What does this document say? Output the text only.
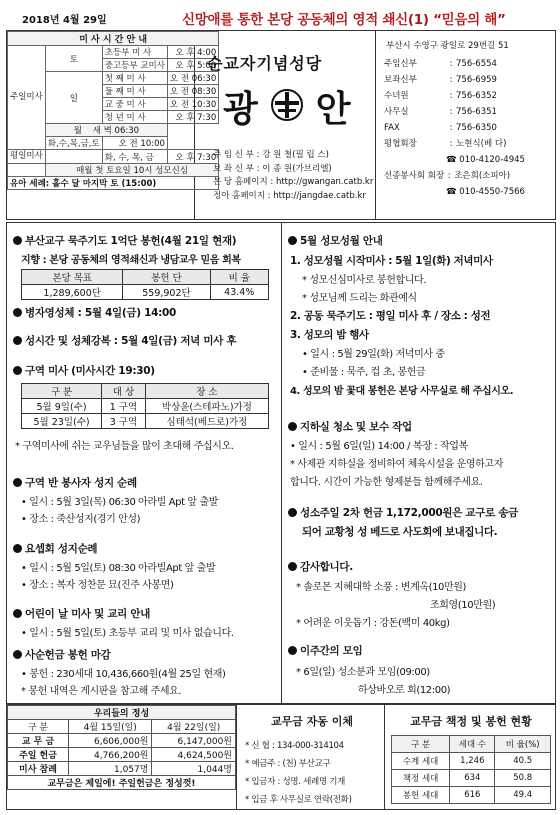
2018년 4월 29일	신망애를 통한 본당 공동체의 영적 쇄신(1) “믿음의 해”
미 사 시 간 안 내			
주일미사	토	초등부 미 사	오 후 4:00
		중고등부 교미사	오 후 5:00
	일	첫 째 미 사	오 전 06:30
		둘 째 미 사	오 전 08:30
		교 중 미 사	오 전 10:30
		청 년 미 사	오 후 7:30
	월 새 벽 06:30		
	화,수,목,금,토	오 전 10:00	
평일미사		화, 수, 목, 금	오 후 7:30
	매월 첫 토요일 10시 성모신심		
유아 세례: 홀수 달 마지막 토 (15:00)			
순교자기념성당
광 안
주 임 신 부 : 강 원 철(필 립 스)
보 좌 신 부 : 이 종 원(가브리엘)
본 당 홈페이지 : http://gwangan.catb.kr
정아 홈페이지 : http://jangdae.catb.kr
부산시 수영구 광일로 29번길 51
주임신부	: 756-6554
보좌신부	: 756-6959
수녀원	: 756-6352
사무실	: 756-6351
FAX	: 756-6350
평협회장	: 노현식(베 다)
☎ 010-4120-4945
선종봉사회 회장 : 조은희(소피아)
☎ 010-4550-7566
부산교구 묵주기도 1억단 봉헌(4월 21일 현재)
지향 : 본당 공동체의 영적쇄신과 냉담교우 믿음 회복
본당 목표	봉헌 단	비 율
1,289,600단	559,902단	43.4%
병자영성체 : 5월 4일(금) 14:00
성시간 및 성체강복 : 5월 4일(금) 저녁 미사 후
구역 미사 (미사시간 19:30)
구 분	대 상	장 소
5월 9일(수)	1 구역	박상윤(스테파노)가정
5월 23일(수)	3 구역	심태석(베드로)가정
* 구역미사에 쉬는 교우님들을 많이 초대해 주십시오.
구역 반 봉사자 성지 순례
• 일시 : 5월 3일(목) 06:30 아라빌 Apt 앞 출발
• 장소 : 죽산성지(경기 안성)
요셉회 성지순례
• 일시 : 5월 5일(토) 08:30 아라빌Apt 앞 출발
• 장소 : 복자 정찬문 묘(진주 사봉면)
어린이 날 미사 및 교리 안내
• 일시 : 5월 5일(토) 초등부 교리 및 미사 없습니다.
사순헌금 봉헌 마감
• 봉헌 : 230세대 10,436,660원(4월 25일 현재)
* 봉헌 내역은 게시판을 참고해 주세요.
5월 성모성월 안내
1. 성모성월 시작미사 : 5월 1일(화) 저녁미사
* 성모신심미사로 봉헌합니다.
* 성모님께 드리는 화관예식
2. 공동 묵주기도 : 평일 미사 후 / 장소 : 성전
3. 성모의 밤 행사
• 일시 : 5월 29일(화) 저녁미사 중
• 준비물 : 묵주, 컵 초, 봉헌금
4. 성모의 밤 꽃대 봉헌은 본당 사무실로 해 주십시오.
지하실 청소 및 보수 작업
• 일시 : 5월 6일(일) 14:00 / 복장 : 작업복
* 사제관 지하실을 정비하여 체육시설을 운영하고자
합니다. 시간이 가능한 형제분들 함께해주세요.
성소주일 2차 헌금 1,172,000원은 교구로 송금
되어 교황청 성 베드로 사도회에 보내집니다.
감사합니다.
* 솔로몬 지혜대학 소풍 : 변계옥(10만원)
조희영(10만원)
* 어려운 이웃돕기 : 강돈(백미 40kg)
이주간의 모임
* 6일(일) 성소분과 모임(09:00)
하상바오로 회(12:00)
우리들의 정성		
구 분	4월 15일(일)	4월 22일(일)
교 무 금	6,606,000원	6,147,000원
주일 헌금	4,766,200원	4,624,500원
미사 참례	1,057명	1,044명
교무금은 제일에! 주일헌금은 정성껏!		
교무금 자동 이체
* 신 협 : 134-000-314104
* 예금주 : (천) 부산교구
* 입금자 : 성명. 세례명 기재
* 입금 후 사무실로 연락(전화)
교무금 책정 및 봉헌 현황
구 분	세대 수	비 율(%)
수계 세대	1,246	40.5
책정 세대	634	50.8
봉헌 세대	616	49.4
